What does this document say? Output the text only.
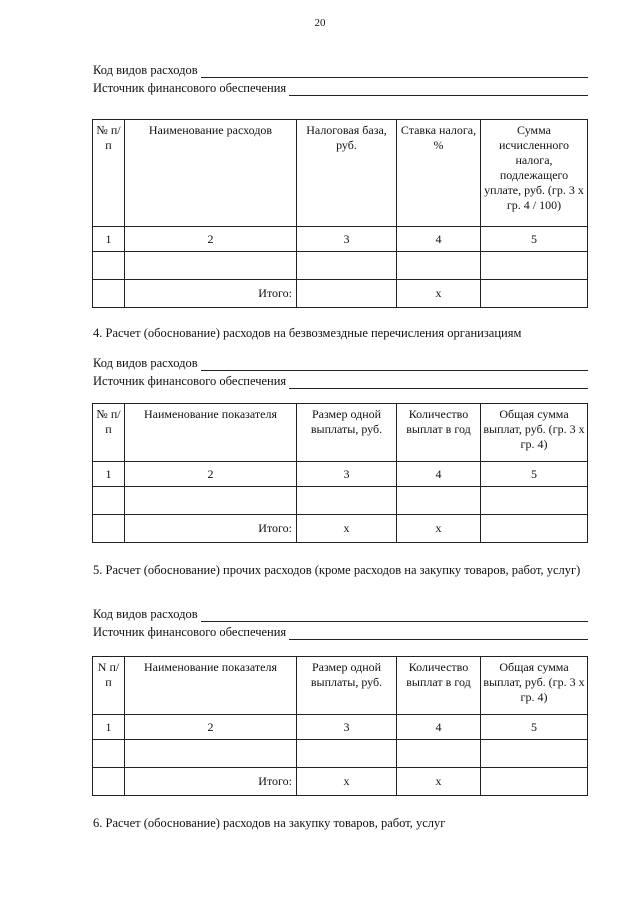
20
Код видов расходов
Источник финансового обеспечения
№ п/п	Наименование расходов	Налоговая база, руб.	Ставка налога, %	Сумма исчисленного налога, подлежащего уплате, руб. (гр. 3 x гр. 4 / 100)
1	2	3	4	5

	Итого:		x	
4. Расчет (обоснование) расходов на безвозмездные перечисления организациям
Код видов расходов
Источник финансового обеспечения
№ п/п	Наименование показателя	Размер одной выплаты, руб.	Количество выплат в год	Общая сумма выплат, руб. (гр. 3 x гр. 4)
1	2	3	4	5

	Итого:	x	x	
5. Расчет (обоснование) прочих расходов (кроме расходов на закупку товаров, работ, услуг)
Код видов расходов
Источник финансового обеспечения
N п/п	Наименование показателя	Размер одной выплаты, руб.	Количество выплат в год	Общая сумма выплат, руб. (гр. 3 x гр. 4)
1	2	3	4	5

	Итого:	x	x	
6. Расчет (обоснование) расходов на закупку товаров, работ, услуг
